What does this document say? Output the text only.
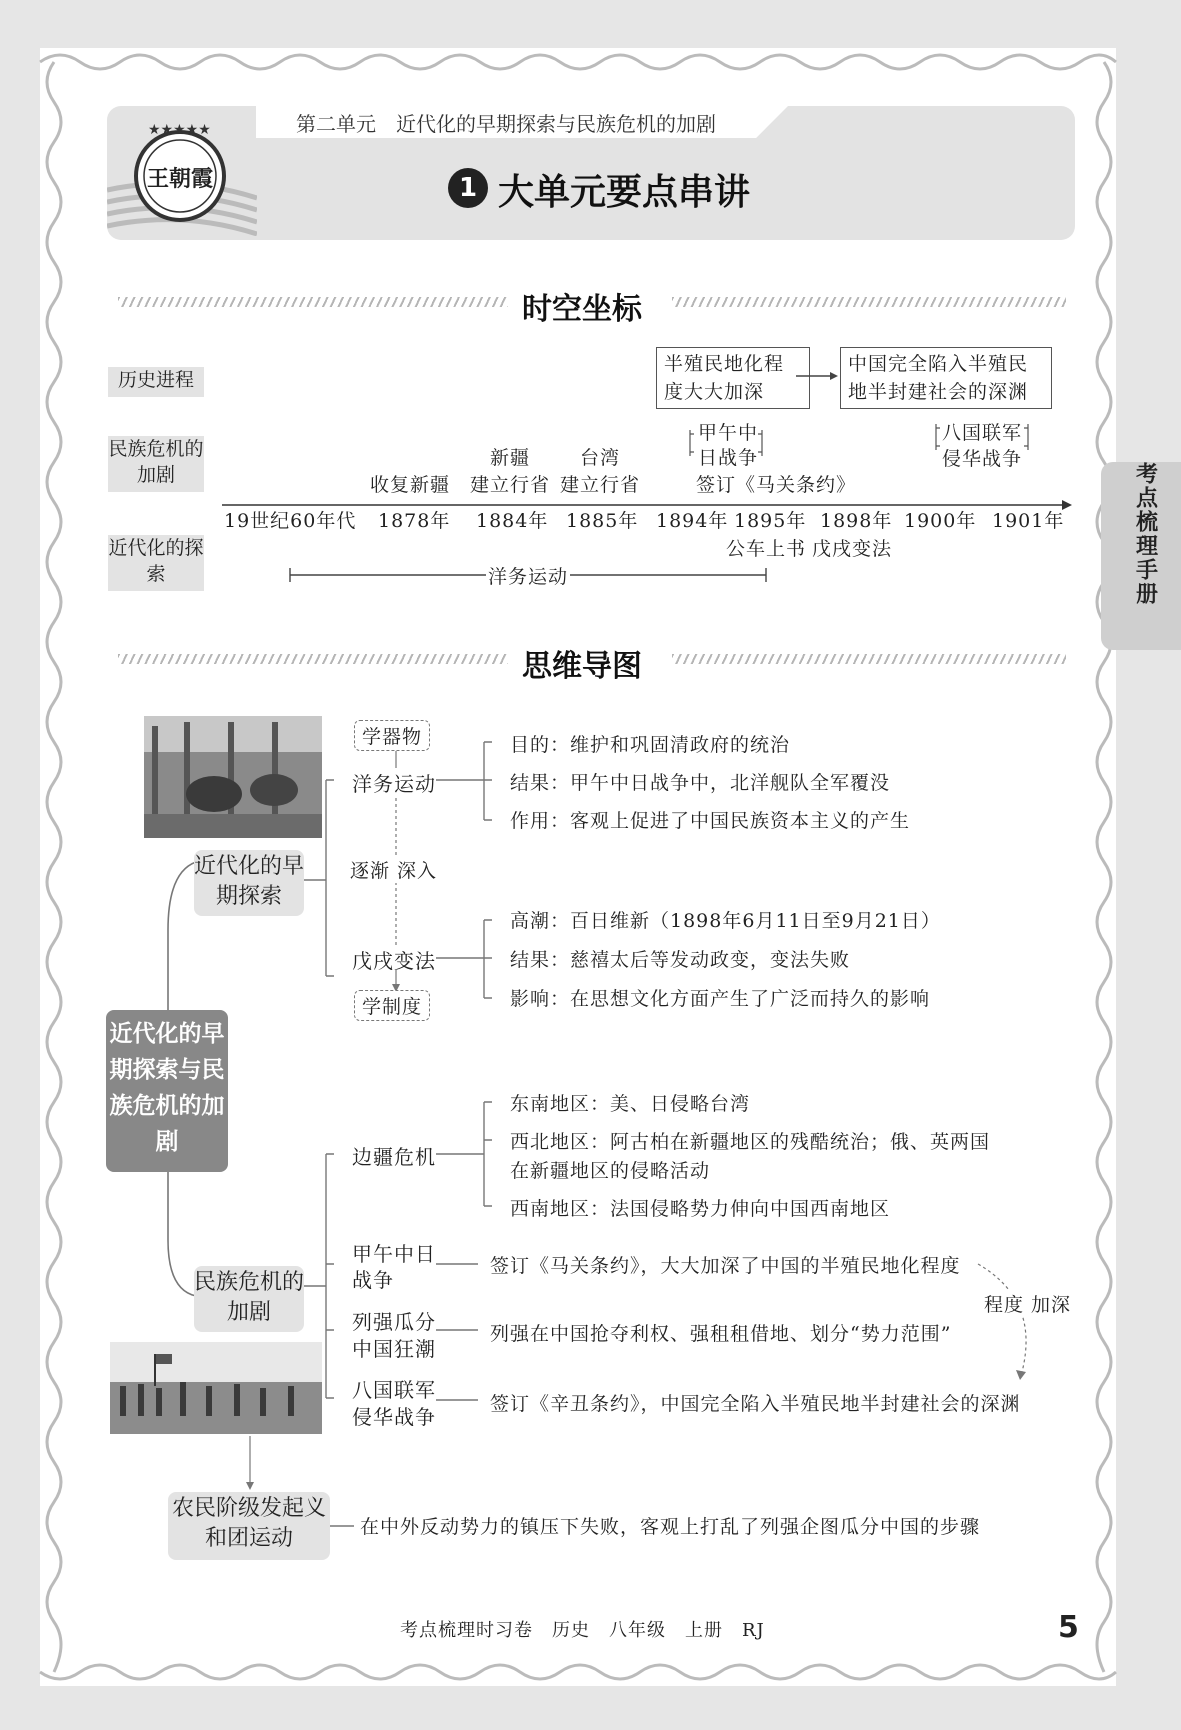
★★★★★
王朝霞
第二单元　近代化的早期探索与民族危机的加剧
1 大单元要点串讲
考点梳理手册
时空坐标
历史进程
民族危机的加剧
近代化的探索
半殖民地化程度大大加深
中国完全陷入半殖民地半封建社会的深渊
19世纪60年代 1878年 1884年 1885年 1894年 1895年 1898年 1900年 1901年
收复新疆
新疆
建立行省
台湾
建立行省
甲午中
日战争
签订《马关条约》
八国联军
侵华战争
公车上书 戊戌变法
洋务运动
思维导图
近代化的早期探索与民族危机的加剧
近代化的早期探索
民族危机的加剧
农民阶级发起义和团运动
学器物
洋务运动
目的：维护和巩固清政府的统治
结果：甲午中日战争中，北洋舰队全军覆没
作用：客观上促进了中国民族资本主义的产生
逐渐 深入
戊戌变法
学制度
高潮：百日维新（1898年6月11日至9月21日）
结果：慈禧太后等发动政变，变法失败
影响：在思想文化方面产生了广泛而持久的影响
边疆危机
东南地区：美、日侵略台湾
西北地区：阿古柏在新疆地区的残酷统治；俄、英两国
在新疆地区的侵略活动
西南地区：法国侵略势力伸向中国西南地区
甲午中日
战争
签订《马关条约》，大大加深了中国的半殖民地化程度
列强瓜分
中国狂潮
列强在中国抢夺利权、强租租借地、划分“势力范围”
程度 加深
八国联军
侵华战争
签订《辛丑条约》，中国完全陷入半殖民地半封建社会的深渊
在中外反动势力的镇压下失败，客观上打乱了列强企图瓜分中国的步骤
考点梳理时习卷　历史　八年级　上册　RJ	5
